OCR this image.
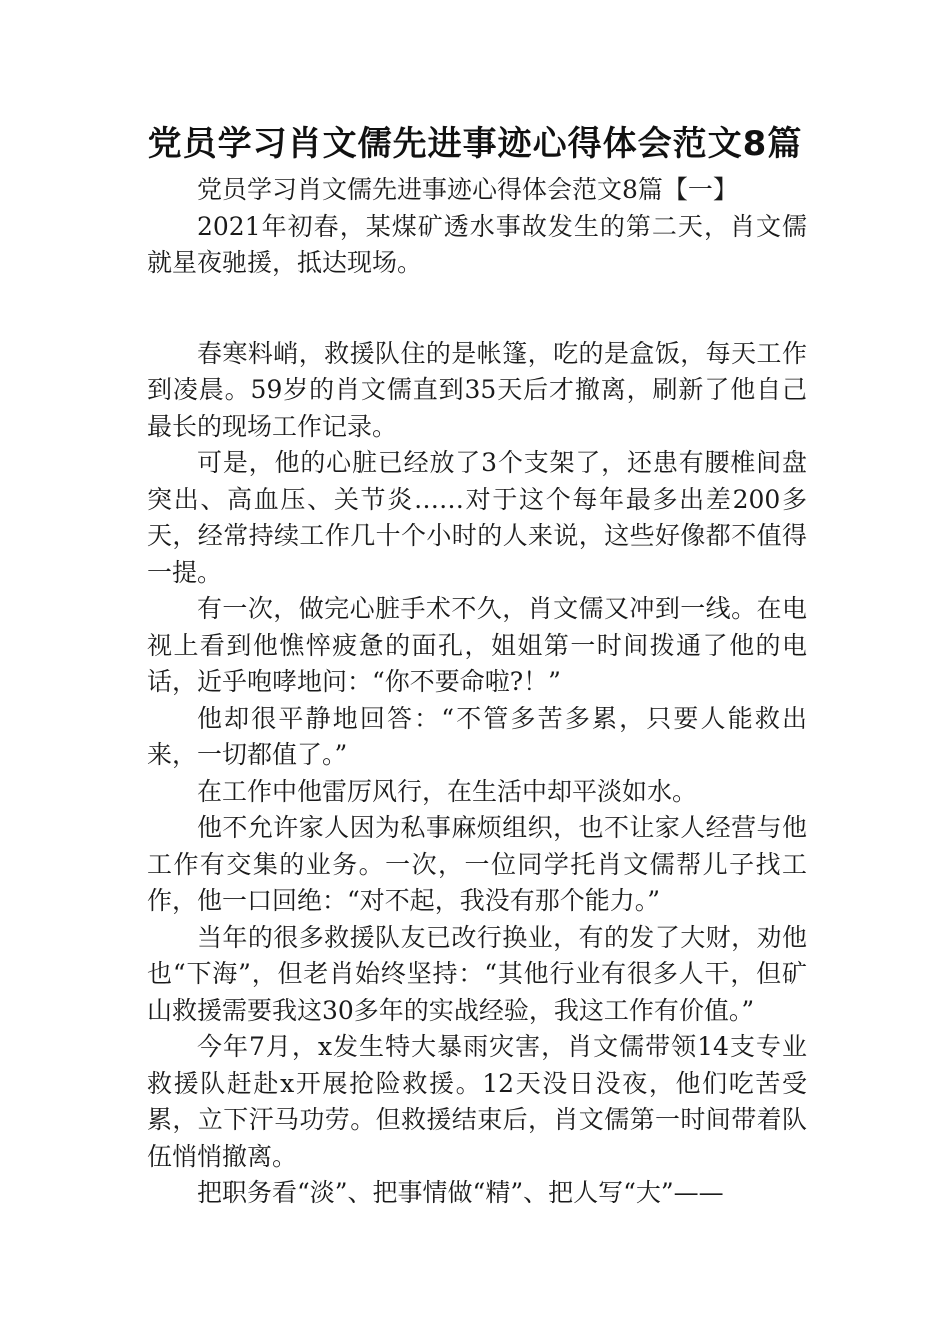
党员学习肖文儒先进事迹心得体会范文8篇

党员学习肖文儒先进事迹心得体会范文8篇【一】

2021年初春，某煤矿透水事故发生的第二天，肖文儒就星夜驰援，抵达现场。

春寒料峭，救援队住的是帐篷，吃的是盒饭，每天工作到凌晨。59岁的肖文儒直到35天后才撤离，刷新了他自己最长的现场工作记录。

可是，他的心脏已经放了3个支架了，还患有腰椎间盘突出、高血压、关节炎……对于这个每年最多出差200多天，经常持续工作几十个小时的人来说，这些好像都不值得一提。

有一次，做完心脏手术不久，肖文儒又冲到一线。在电视上看到他憔悴疲惫的面孔，姐姐第一时间拨通了他的电话，近乎咆哮地问：“你不要命啦?！”

他却很平静地回答：“不管多苦多累，只要人能救出来，一切都值了。”

在工作中他雷厉风行，在生活中却平淡如水。

他不允许家人因为私事麻烦组织，也不让家人经营与他工作有交集的业务。一次，一位同学托肖文儒帮儿子找工作，他一口回绝：“对不起，我没有那个能力。”

当年的很多救援队友已改行换业，有的发了大财，劝他也“下海”，但老肖始终坚持：“其他行业有很多人干，但矿山救援需要我这30多年的实战经验，我这工作有价值。”

今年7月，x发生特大暴雨灾害，肖文儒带领14支专业救援队赶赴x开展抢险救援。12天没日没夜，他们吃苦受累，立下汗马功劳。但救援结束后，肖文儒第一时间带着队伍悄悄撤离。

把职务看“淡”、把事情做“精”、把人写“大”——
